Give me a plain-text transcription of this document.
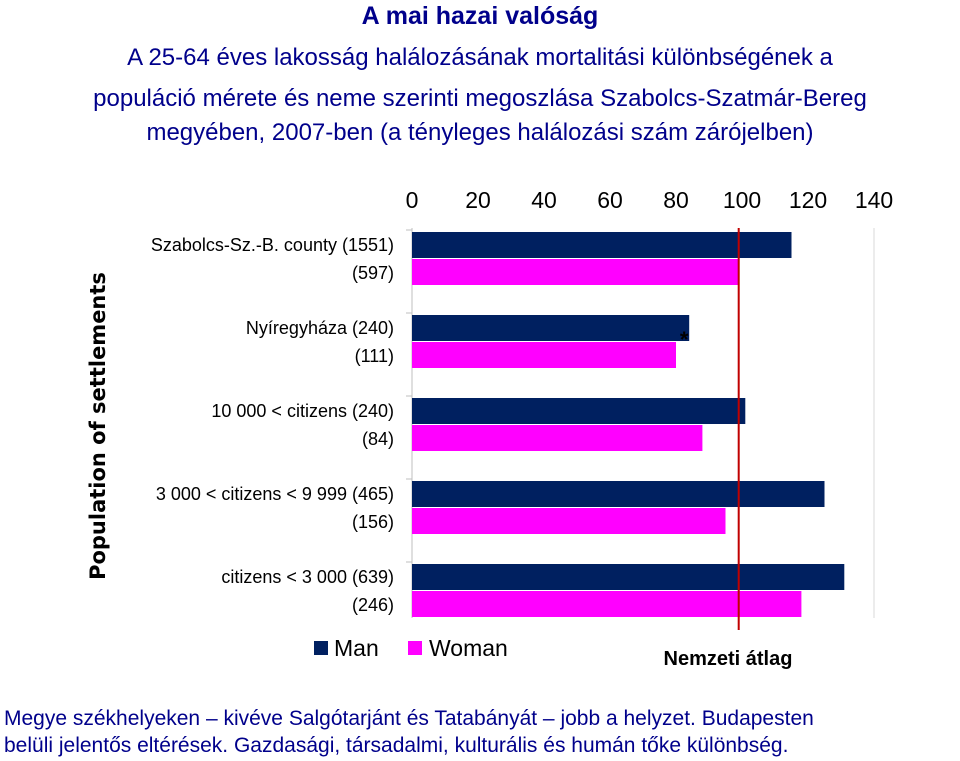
A mai hazai valóság

A 25-64 éves lakosság halálozásának mortalitási különbségének a

populáció mérete és neme szerinti megoszlása Szabolcs-Szatmár-Bereg

megyében, 2007-ben (a tényleges halálozási szám zárójelben)

0 20 40 60 80 100 120 140
Szabolcs-Sz.-B. county (1551)
(597)
Nyíregyháza (240)
(111)
10 000 < citizens (240)
(84)
3 000 < citizens < 9 999 (465)
(156)
citizens < 3 000 (639)
(246)
*
Nemzeti átlag
Population of settlements
Man Woman

Megye székhelyeken – kivéve Salgótarjánt és Tatabányát – jobb a helyzet. Budapesten

belüli jelentős eltérések. Gazdasági, társadalmi, kulturális és humán tőke különbség.
